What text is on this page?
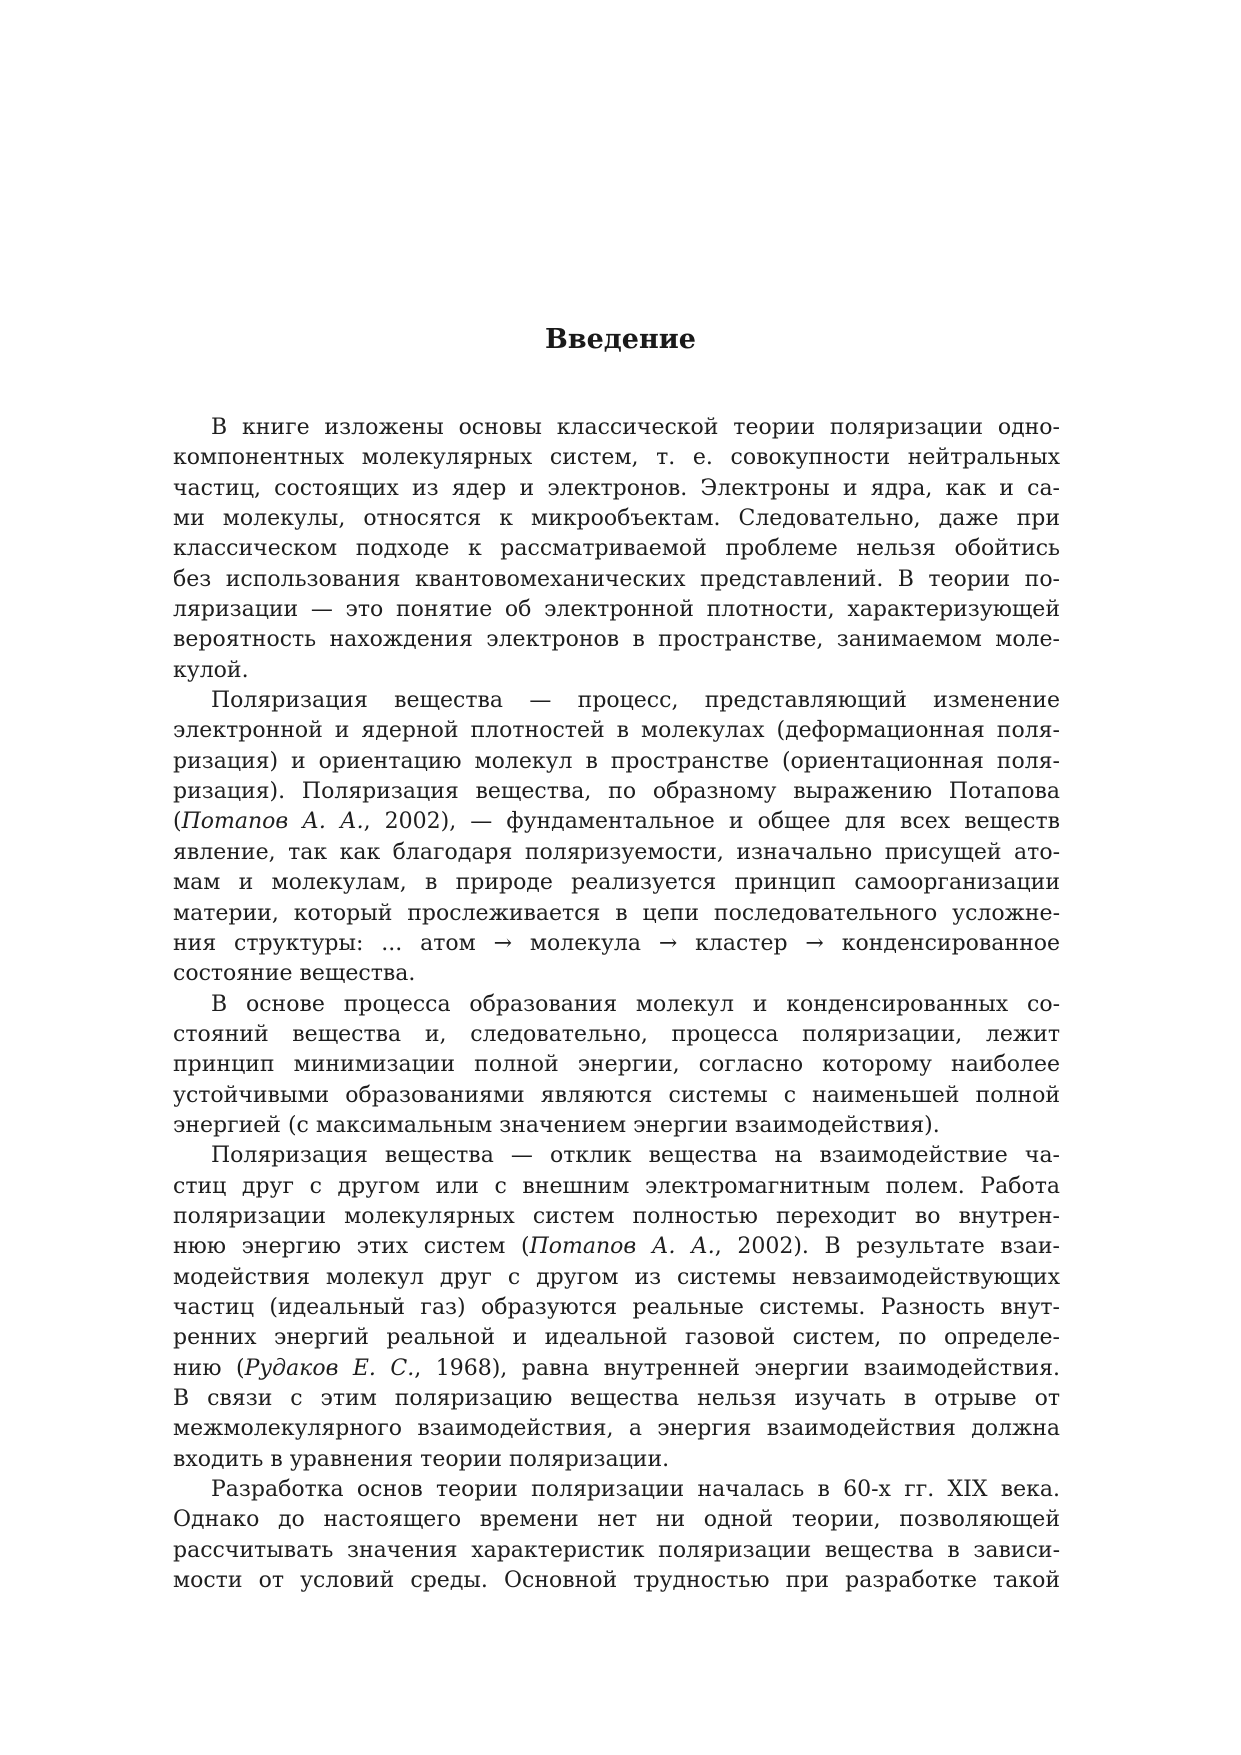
Введение
В книге изложены основы классической теории поляризации одно-
компонентных молекулярных систем, т. е. совокупности нейтральных
частиц, состоящих из ядер и электронов. Электроны и ядра, как и са-
ми молекулы, относятся к микрообъектам. Следовательно, даже при
классическом подходе к рассматриваемой проблеме нельзя обойтись
без использования квантовомеханических представлений. В теории по-
ляризации — это понятие об электронной плотности, характеризующей
вероятность нахождения электронов в пространстве, занимаемом моле-
кулой.
Поляризация вещества — процесс, представляющий изменение
электронной и ядерной плотностей в молекулах (деформационная поля-
ризация) и ориентацию молекул в пространстве (ориентационная поля-
ризация). Поляризация вещества, по образному выражению Потапова
(Потапов А. А., 2002), — фундаментальное и общее для всех веществ
явление, так как благодаря поляризуемости, изначально присущей ато-
мам и молекулам, в природе реализуется принцип самоорганизации
материи, который прослеживается в цепи последовательного усложне-
ния структуры: ... атом → молекула → кластер → конденсированное
состояние вещества.
В основе процесса образования молекул и конденсированных со-
стояний вещества и, следовательно, процесса поляризации, лежит
принцип минимизации полной энергии, согласно которому наиболее
устойчивыми образованиями являются системы с наименьшей полной
энергией (с максимальным значением энергии взаимодействия).
Поляризация вещества — отклик вещества на взаимодействие ча-
стиц друг с другом или с внешним электромагнитным полем. Работа
поляризации молекулярных систем полностью переходит во внутрен-
нюю энергию этих систем (Потапов А. А., 2002). В результате взаи-
модействия молекул друг с другом из системы невзаимодействующих
частиц (идеальный газ) образуются реальные системы. Разность внут-
ренних энергий реальной и идеальной газовой систем, по определе-
нию (Рудаков Е. С., 1968), равна внутренней энергии взаимодействия.
В связи с этим поляризацию вещества нельзя изучать в отрыве от
межмолекулярного взаимодействия, а энергия взаимодействия должна
входить в уравнения теории поляризации.
Разработка основ теории поляризации началась в 60-х гг. XIX века.
Однако до настоящего времени нет ни одной теории, позволяющей
рассчитывать значения характеристик поляризации вещества в зависи-
мости от условий среды. Основной трудностью при разработке такой
